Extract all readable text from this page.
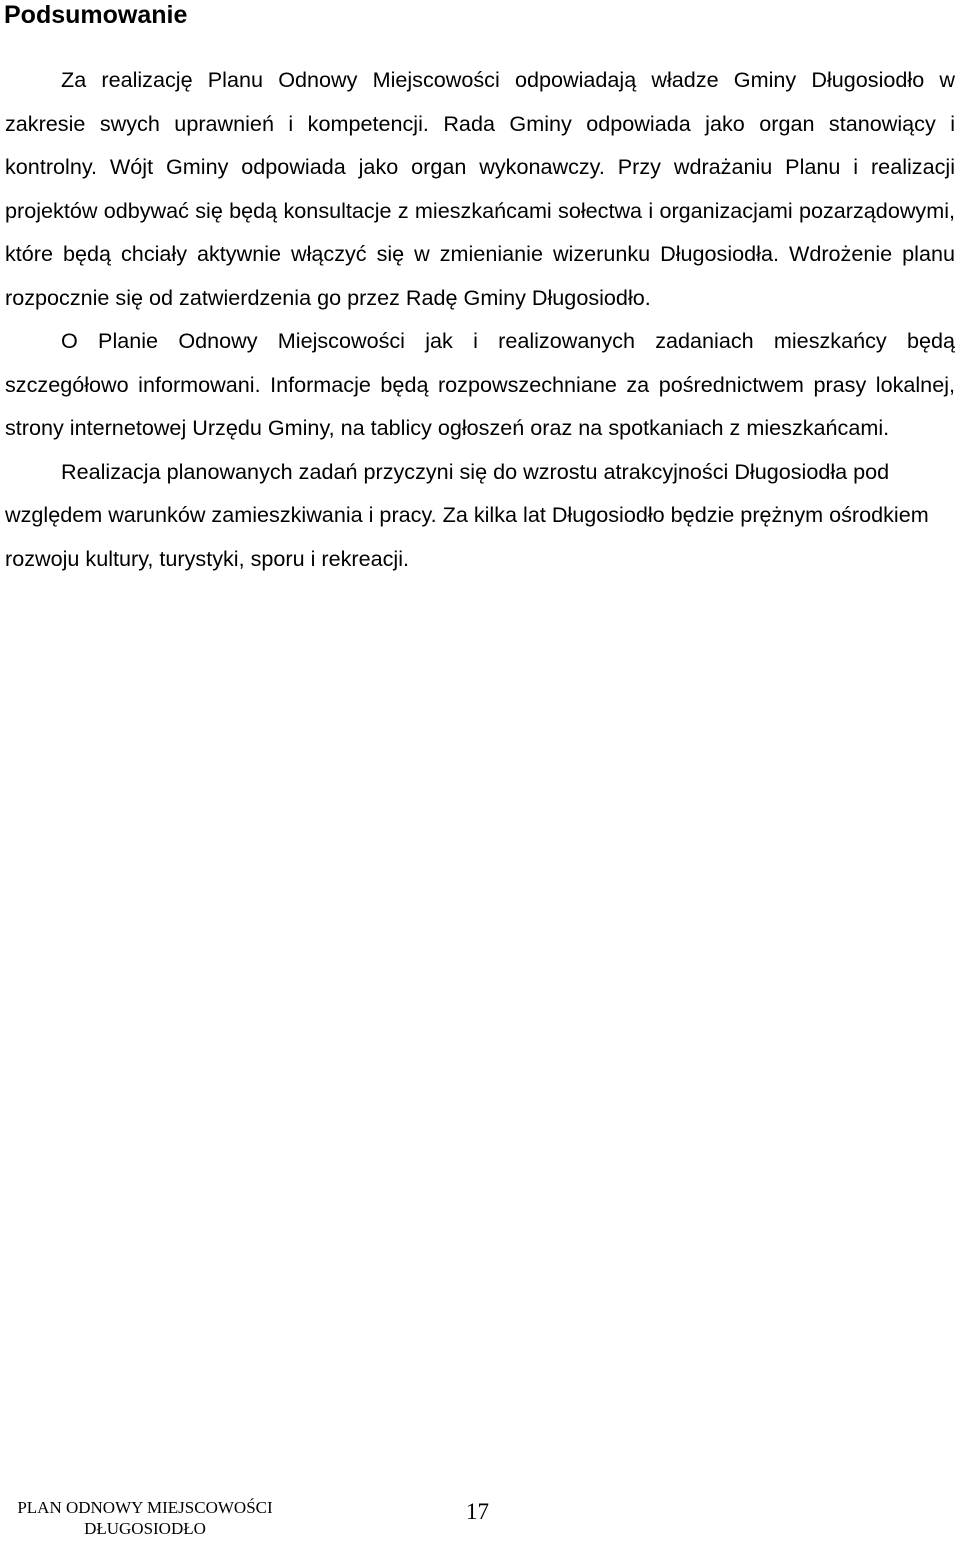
Podsumowanie

Za realizację Planu Odnowy Miejscowości odpowiadają władze Gminy Długosiodło w zakresie swych uprawnień i kompetencji. Rada Gminy odpowiada jako organ stanowiący i kontrolny. Wójt Gminy odpowiada jako organ wykonawczy. Przy wdrażaniu Planu i realizacji projektów odbywać się będą konsultacje z mieszkańcami sołectwa i organizacjami pozarządowymi, które będą chciały aktywnie włączyć się w zmienianie wizerunku Długosiodła. Wdrożenie planu rozpocznie się od zatwierdzenia go przez Radę Gminy Długosiodło.

O Planie Odnowy Miejscowości jak i realizowanych zadaniach mieszkańcy będą szczegółowo informowani. Informacje będą rozpowszechniane za pośrednictwem prasy lokalnej, strony internetowej Urzędu Gminy, na tablicy ogłoszeń oraz na spotkaniach z mieszkańcami.

Realizacja planowanych zadań przyczyni się do wzrostu atrakcyjności Długosiodła pod względem warunków zamieszkiwania i pracy. Za kilka lat Długosiodło będzie prężnym ośrodkiem rozwoju kultury, turystyki, sporu i rekreacji.

PLAN ODNOWY MIEJSCOWOŚCI
DŁUGOSIODŁO
17
